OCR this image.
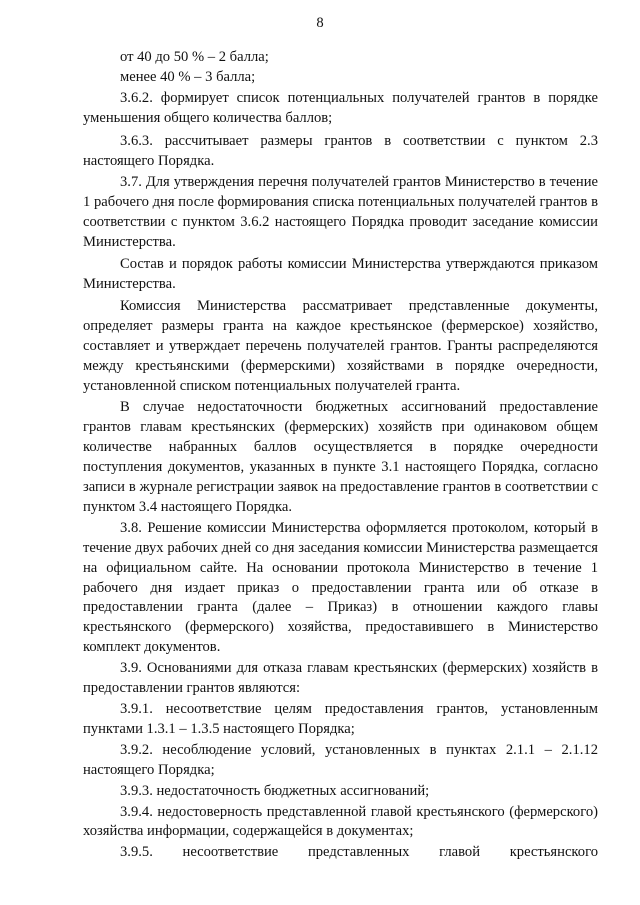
8

от 40 до 50 % – 2 балла;

менее 40 % – 3 балла;

3.6.2. формирует список потенциальных получателей грантов в порядке уменьшения общего количества баллов;

3.6.3. рассчитывает размеры грантов в соответствии с пунктом 2.3 настоящего Порядка.

3.7. Для утверждения перечня получателей грантов Министерство в течение 1 рабочего дня после формирования списка потенциальных получателей грантов в соответствии с пунктом 3.6.2 настоящего Порядка проводит заседание комиссии Министерства.

Состав и порядок работы комиссии Министерства утверждаются приказом Министерства.

Комиссия Министерства рассматривает представленные документы, определяет размеры гранта на каждое крестьянское (фермерское) хозяйство, составляет и утверждает перечень получателей грантов. Гранты распределяются между крестьянскими (фермерскими) хозяйствами в порядке очередности, установленной списком потенциальных получателей гранта.

В случае недостаточности бюджетных ассигнований предоставление грантов главам крестьянских (фермерских) хозяйств при одинаковом общем количестве набранных баллов осуществляется в порядке очередности поступления документов, указанных в пункте 3.1 настоящего Порядка, согласно записи в журнале регистрации заявок на предоставление грантов в соответствии с пунктом 3.4 настоящего Порядка.

3.8. Решение комиссии Министерства оформляется протоколом, который в течение двух рабочих дней со дня заседания комиссии Министерства размещается на официальном сайте. На основании протокола Министерство в течение 1 рабочего дня издает приказ о предоставлении гранта или об отказе в предоставлении гранта (далее – Приказ) в отношении каждого главы крестьянского (фермерского) хозяйства, предоставившего в Министерство комплект документов.

3.9. Основаниями для отказа главам крестьянских (фермерских) хозяйств в предоставлении грантов являются:

3.9.1. несоответствие целям предоставления грантов, установленным пунктами 1.3.1 – 1.3.5 настоящего Порядка;

3.9.2. несоблюдение условий, установленных в пунктах 2.1.1 – 2.1.12 настоящего Порядка;

3.9.3. недостаточность бюджетных ассигнований;

3.9.4. недостоверность представленной главой крестьянского (фермерского) хозяйства информации, содержащейся в документах;

3.9.5. несоответствие представленных главой крестьянского
